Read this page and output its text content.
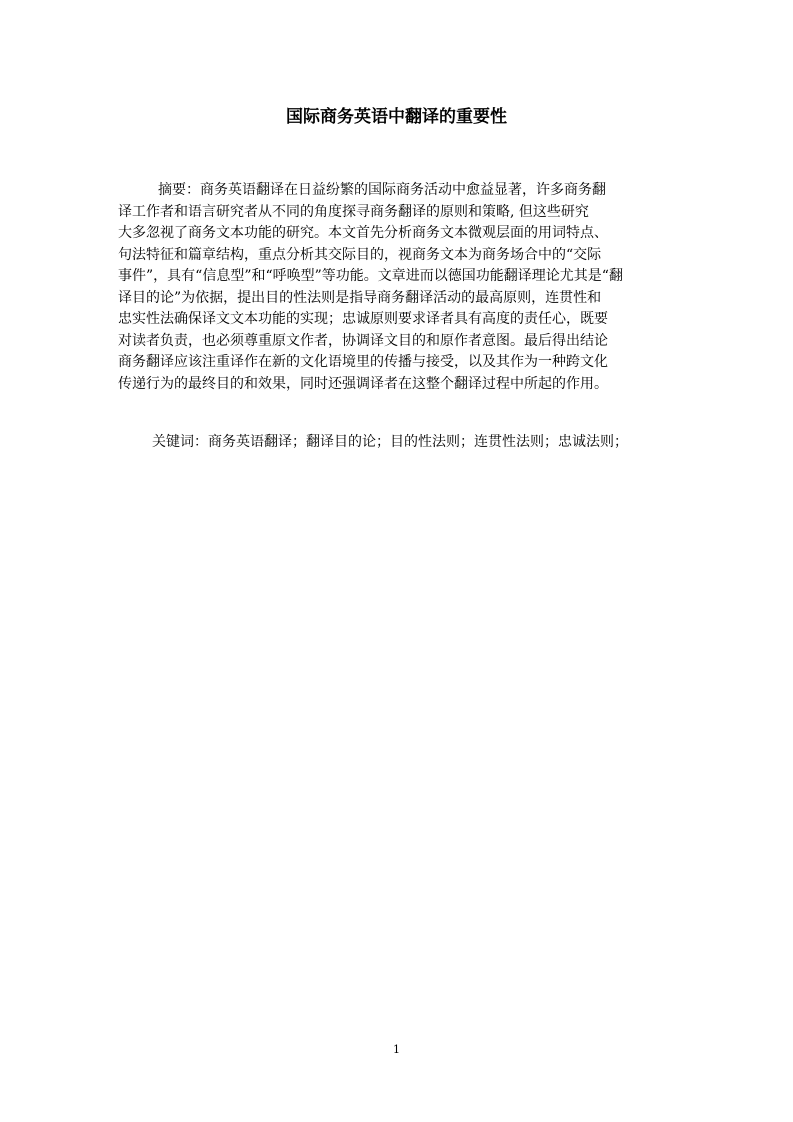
国际商务英语中翻译的重要性
摘要：商务英语翻译在日益纷繁的国际商务活动中愈益显著，许多商务翻
译工作者和语言研究者从不同的角度探寻商务翻译的原则和策略, 但这些研究
大多忽视了商务文本功能的研究。本文首先分析商务文本微观层面的用词特点、
句法特征和篇章结构，重点分析其交际目的，视商务文本为商务场合中的“交际
事件”，具有“信息型”和“呼唤型”等功能。文章进而以德国功能翻译理论尤其是“翻
译目的论”为依据，提出目的性法则是指导商务翻译活动的最高原则，连贯性和
忠实性法确保译文文本功能的实现；忠诚原则要求译者具有高度的责任心，既要
对读者负责，也必须尊重原文作者，协调译文目的和原作者意图。最后得出结论
商务翻译应该注重译作在新的文化语境里的传播与接受，以及其作为一种跨文化
传递行为的最终目的和效果，同时还强调译者在这整个翻译过程中所起的作用。

关键词：商务英语翻译；翻译目的论；目的性法则；连贯性法则；忠诚法则；

1
